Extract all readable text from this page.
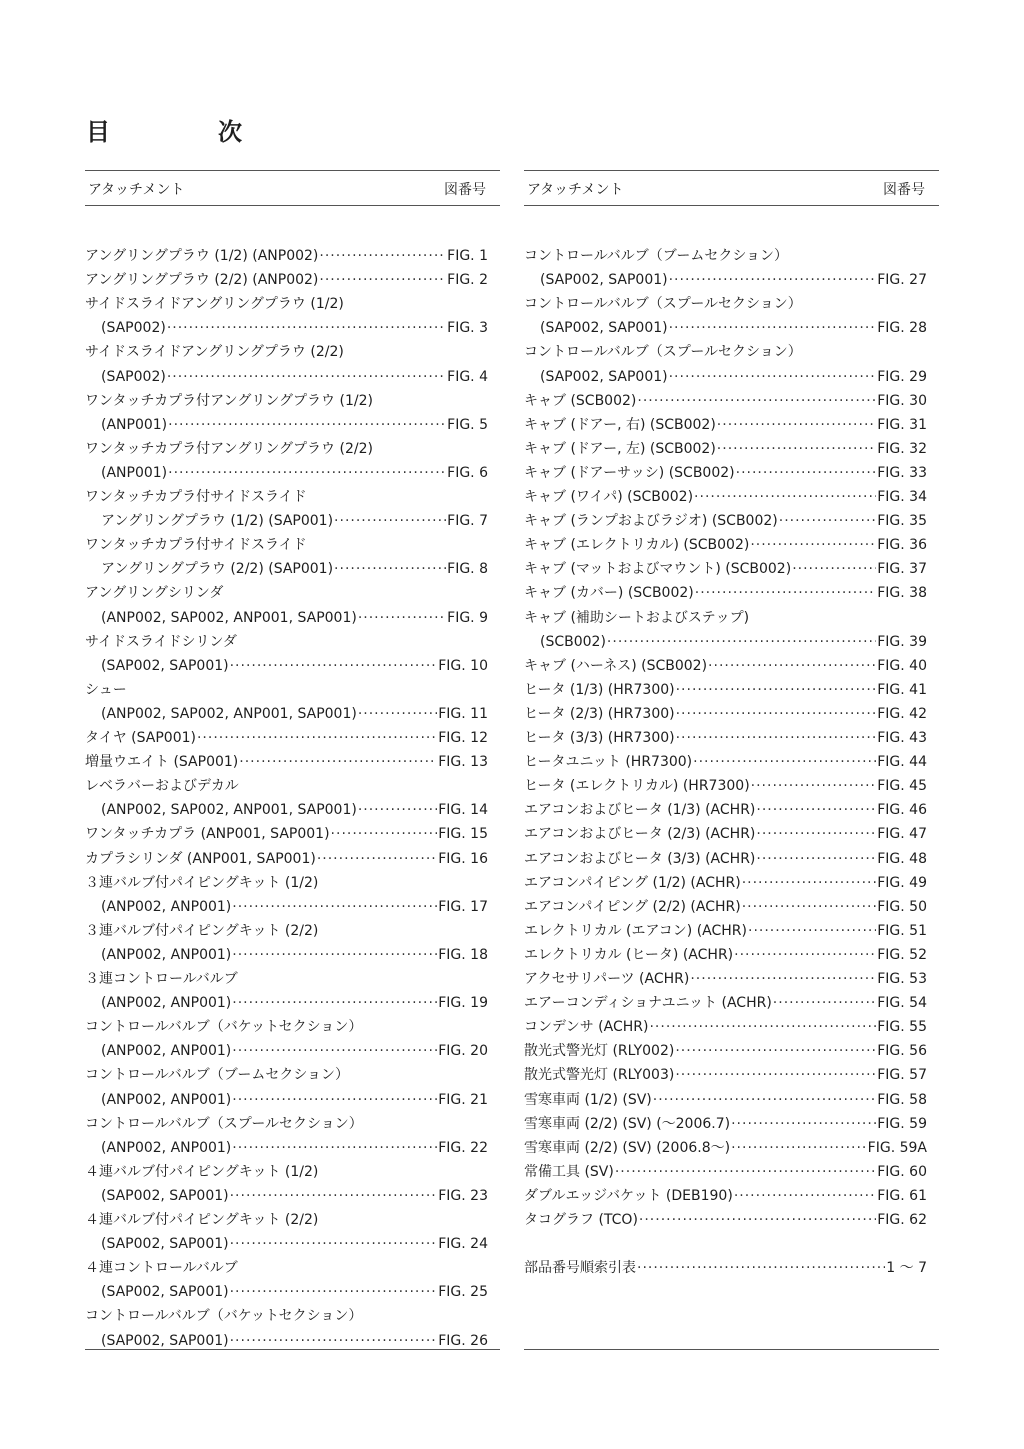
目　次
アタッチメント	図番号
アングリングプラウ (1/2) (ANP002) ·····	FIG. 1
アングリングプラウ (2/2) (ANP002) ·····	FIG. 2
サイドスライドアングリングプラウ (1/2)
(SAP002) ·····	FIG. 3
サイドスライドアングリングプラウ (2/2)
(SAP002) ·····	FIG. 4
ワンタッチカプラ付アングリングプラウ (1/2)
(ANP001) ·····	FIG. 5
ワンタッチカプラ付アングリングプラウ (2/2)
(ANP001) ·····	FIG. 6
ワンタッチカプラ付サイドスライド
アングリングプラウ (1/2) (SAP001) ·····	FIG. 7
ワンタッチカプラ付サイドスライド
アングリングプラウ (2/2) (SAP001) ·····	FIG. 8
アングリングシリンダ
(ANP002, SAP002, ANP001, SAP001) ·····	FIG. 9
サイドスライドシリンダ
(SAP002, SAP001) ·····	FIG. 10
シュー
(ANP002, SAP002, ANP001, SAP001) ·····	FIG. 11
タイヤ (SAP001) ·····	FIG. 12
増量ウエイト (SAP001) ·····	FIG. 13
レベラバーおよびデカル
(ANP002, SAP002, ANP001, SAP001) ·····	FIG. 14
ワンタッチカプラ (ANP001, SAP001) ·····	FIG. 15
カプラシリンダ (ANP001, SAP001) ·····	FIG. 16
３連バルブ付パイピングキット (1/2)
(ANP002, ANP001) ·····	FIG. 17
３連バルブ付パイピングキット (2/2)
(ANP002, ANP001) ·····	FIG. 18
３連コントロールバルブ
(ANP002, ANP001) ·····	FIG. 19
コントロールバルブ（バケットセクション）
(ANP002, ANP001) ·····	FIG. 20
コントロールバルブ（ブームセクション）
(ANP002, ANP001) ·····	FIG. 21
コントロールバルブ（スプールセクション）
(ANP002, ANP001) ·····	FIG. 22
４連バルブ付パイピングキット (1/2)
(SAP002, SAP001) ·····	FIG. 23
４連バルブ付パイピングキット (2/2)
(SAP002, SAP001) ·····	FIG. 24
４連コントロールバルブ
(SAP002, SAP001) ·····	FIG. 25
コントロールバルブ（バケットセクション）
(SAP002, SAP001) ·····	FIG. 26
アタッチメント	図番号
コントロールバルブ（ブームセクション）
(SAP002, SAP001) ·····	FIG. 27
コントロールバルブ（スプールセクション）
(SAP002, SAP001) ·····	FIG. 28
コントロールバルブ（スプールセクション）
(SAP002, SAP001) ·····	FIG. 29
キャブ (SCB002) ·····	FIG. 30
キャブ (ドアー, 右) (SCB002) ·····	FIG. 31
キャブ (ドアー, 左) (SCB002) ·····	FIG. 32
キャブ (ドアーサッシ) (SCB002) ·····	FIG. 33
キャブ (ワイパ) (SCB002) ·····	FIG. 34
キャブ (ランプおよびラジオ) (SCB002) ·····	FIG. 35
キャブ (エレクトリカル) (SCB002) ·····	FIG. 36
キャブ (マットおよびマウント) (SCB002) ·····	FIG. 37
キャブ (カバー) (SCB002) ·····	FIG. 38
キャブ (補助シートおよびステップ)
(SCB002) ·····	FIG. 39
キャブ (ハーネス) (SCB002) ·····	FIG. 40
ヒータ (1/3) (HR7300) ·····	FIG. 41
ヒータ (2/3) (HR7300) ·····	FIG. 42
ヒータ (3/3) (HR7300) ·····	FIG. 43
ヒータユニット (HR7300) ·····	FIG. 44
ヒータ (エレクトリカル) (HR7300) ·····	FIG. 45
エアコンおよびヒータ (1/3) (ACHR) ·····	FIG. 46
エアコンおよびヒータ (2/3) (ACHR) ·····	FIG. 47
エアコンおよびヒータ (3/3) (ACHR) ·····	FIG. 48
エアコンパイピング (1/2) (ACHR) ·····	FIG. 49
エアコンパイピング (2/2) (ACHR) ·····	FIG. 50
エレクトリカル (エアコン) (ACHR) ·····	FIG. 51
エレクトリカル (ヒータ) (ACHR) ·····	FIG. 52
アクセサリパーツ (ACHR) ·····	FIG. 53
エアーコンディショナユニット (ACHR) ·····	FIG. 54
コンデンサ (ACHR) ·····	FIG. 55
散光式警光灯 (RLY002) ·····	FIG. 56
散光式警光灯 (RLY003) ·····	FIG. 57
雪寒車両 (1/2) (SV) ·····	FIG. 58
雪寒車両 (2/2) (SV) (～2006.7) ·····	FIG. 59
雪寒車両 (2/2) (SV) (2006.8～) ·····	FIG. 59A
常備工具 (SV) ·····	FIG. 60
ダブルエッジバケット (DEB190) ·····	FIG. 61
タコグラフ (TCO) ·····	FIG. 62
部品番号順索引表 ·····	1 ～ 7
